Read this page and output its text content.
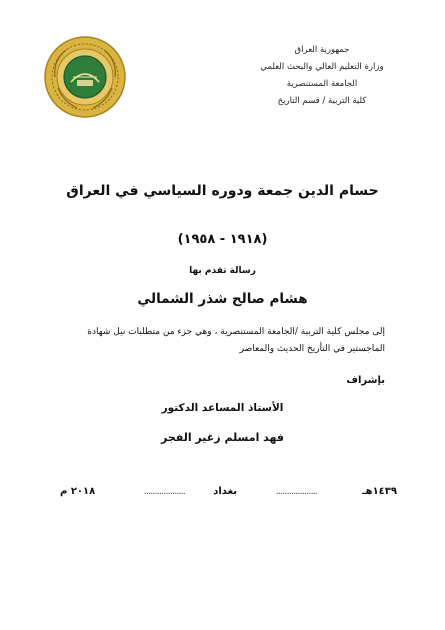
جمهورية العراق
وزارة التعليم العالي والبحث العلمي
الجامعة المستنصرية
كلية التربية / قسم التاريخ
حسام الدين جمعة ودوره السياسي في العراق
(١٩١٨ - ١٩٥٨)
رسالة تقدم بها
هشام صالح شذر الشمالي
إلى مجلس كلية التربية /الجامعة المستنصرية ، وهي جزء من متطلبات نيل شهادة
الماجستير في التأريخ الحديث والمعاصر
بإشراف
الأستاذ المساعد الدكتور
فهد امسلم زغير الفجر
١٤٣٩هـ
...................
بغداد
...................
٢٠١٨ م
